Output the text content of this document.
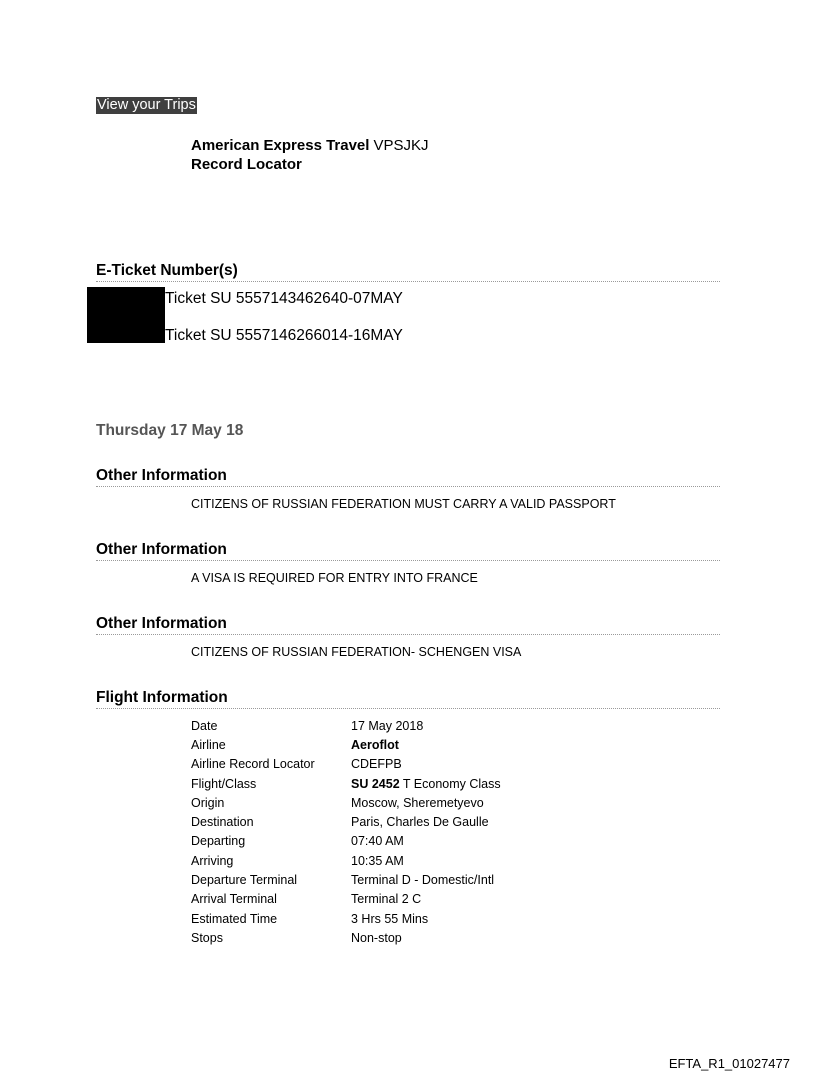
View your Trips
American Express Travel VPSJKJ
Record Locator
E-Ticket Number(s)
Ticket SU 5557143462640-07MAY
Ticket SU 5557146266014-16MAY
Thursday 17 May 18
Other Information
CITIZENS OF RUSSIAN FEDERATION MUST CARRY A VALID PASSPORT
Other Information
A VISA IS REQUIRED FOR ENTRY INTO FRANCE
Other Information
CITIZENS OF RUSSIAN FEDERATION- SCHENGEN VISA
Flight Information
Date	17 May 2018
Airline	Aeroflot
Airline Record Locator	CDEFPB
Flight/Class	SU 2452 T Economy Class
Origin	Moscow, Sheremetyevo
Destination	Paris, Charles De Gaulle
Departing	07:40 AM
Arriving	10:35 AM
Departure Terminal	Terminal D - Domestic/Intl
Arrival Terminal	Terminal 2 C
Estimated Time	3 Hrs 55 Mins
Stops	Non-stop
EFTA_R1_01027477
